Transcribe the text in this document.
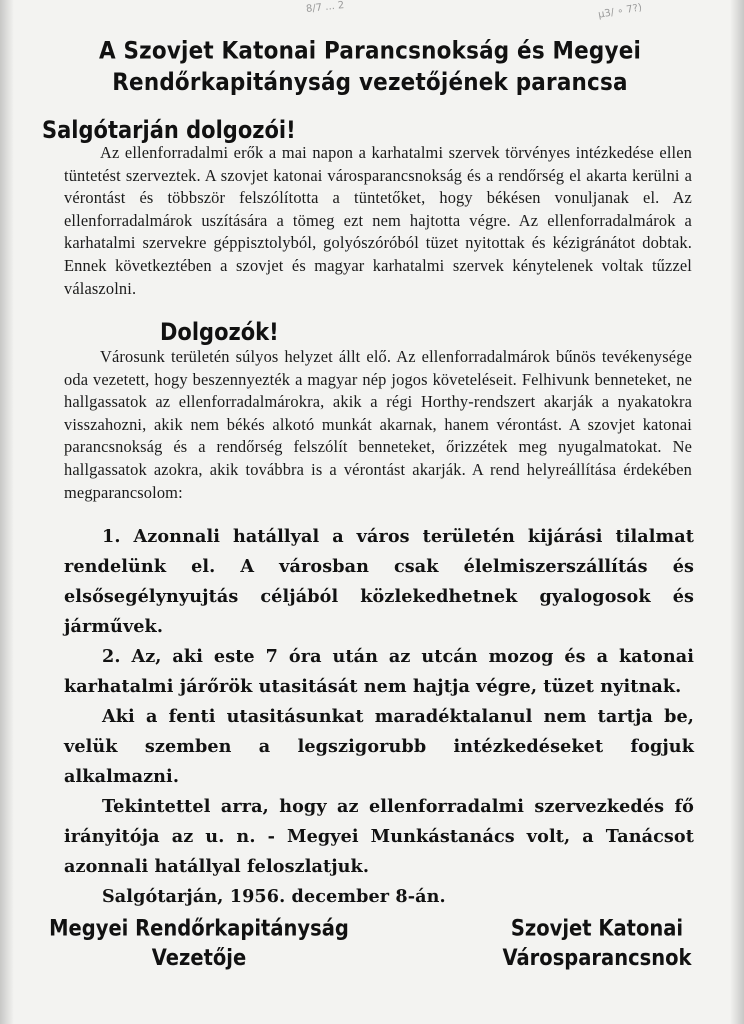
8/7 ... 2	µ3/ ∘ 7?)
A Szovjet Katonai Parancsnokság és Megyei
Rendőrkapitányság vezetőjének parancsa
Salgótarján dolgozói!
Az ellenforradalmi erők a mai napon a karhatalmi szervek törvényes intézkedése ellen tüntetést szerveztek. A szovjet katonai városparancsnokság és a rendőrség el akarta kerülni a vérontást és többször felszólította a tüntetőket, hogy békésen vonuljanak el. Az ellenforradalmárok uszítására a tömeg ezt nem hajtotta végre. Az ellenforradalmárok a karhatalmi szervekre géppisztolyból, golyószóróból tüzet nyitottak és kézigránátot dobtak. Ennek következtében a szovjet és magyar karhatalmi szervek kénytelenek voltak tűzzel válaszolni.
Dolgozók!
Városunk területén súlyos helyzet állt elő. Az ellenforradalmárok bűnös tevékenysége oda vezetett, hogy beszennyezték a magyar nép jogos követeléseit. Felhivunk benneteket, ne hallgassatok az ellenforradalmárokra, akik a régi Horthy-rendszert akarják a nyakatokra visszahozni, akik nem békés alkotó munkát akarnak, hanem vérontást. A szovjet katonai parancsnokság és a rendőrség felszólít benneteket, őrizzétek meg nyugalmatokat. Ne hallgassatok azokra, akik továbbra is a vérontást akarják. A rend helyreállítása érdekében megparancsolom:

1. Azonnali hatállyal a város területén kijárási tilalmat rendelünk el. A városban csak élelmiszerszállítás és elsősegélynyujtás céljából közlekedhetnek gyalogosok és járművek.

2. Az, aki este 7 óra után az utcán mozog és a katonai karhatalmi járőrök utasitását nem hajtja végre, tüzet nyitnak.

Aki a fenti utasitásunkat maradéktalanul nem tartja be, velük szemben a legszigorubb intézkedéseket fogjuk alkalmazni.

Tekintettel arra, hogy az ellenforradalmi szervezkedés fő irányitója az u. n. - Megyei Munkástanács volt, a Tanácsot azonnali hatállyal feloszlatjuk.

Salgótarján, 1956. december 8-án.

Megyei Rendőrkapitányság
Vezetője
Szovjet Katonai
Városparancsnok
